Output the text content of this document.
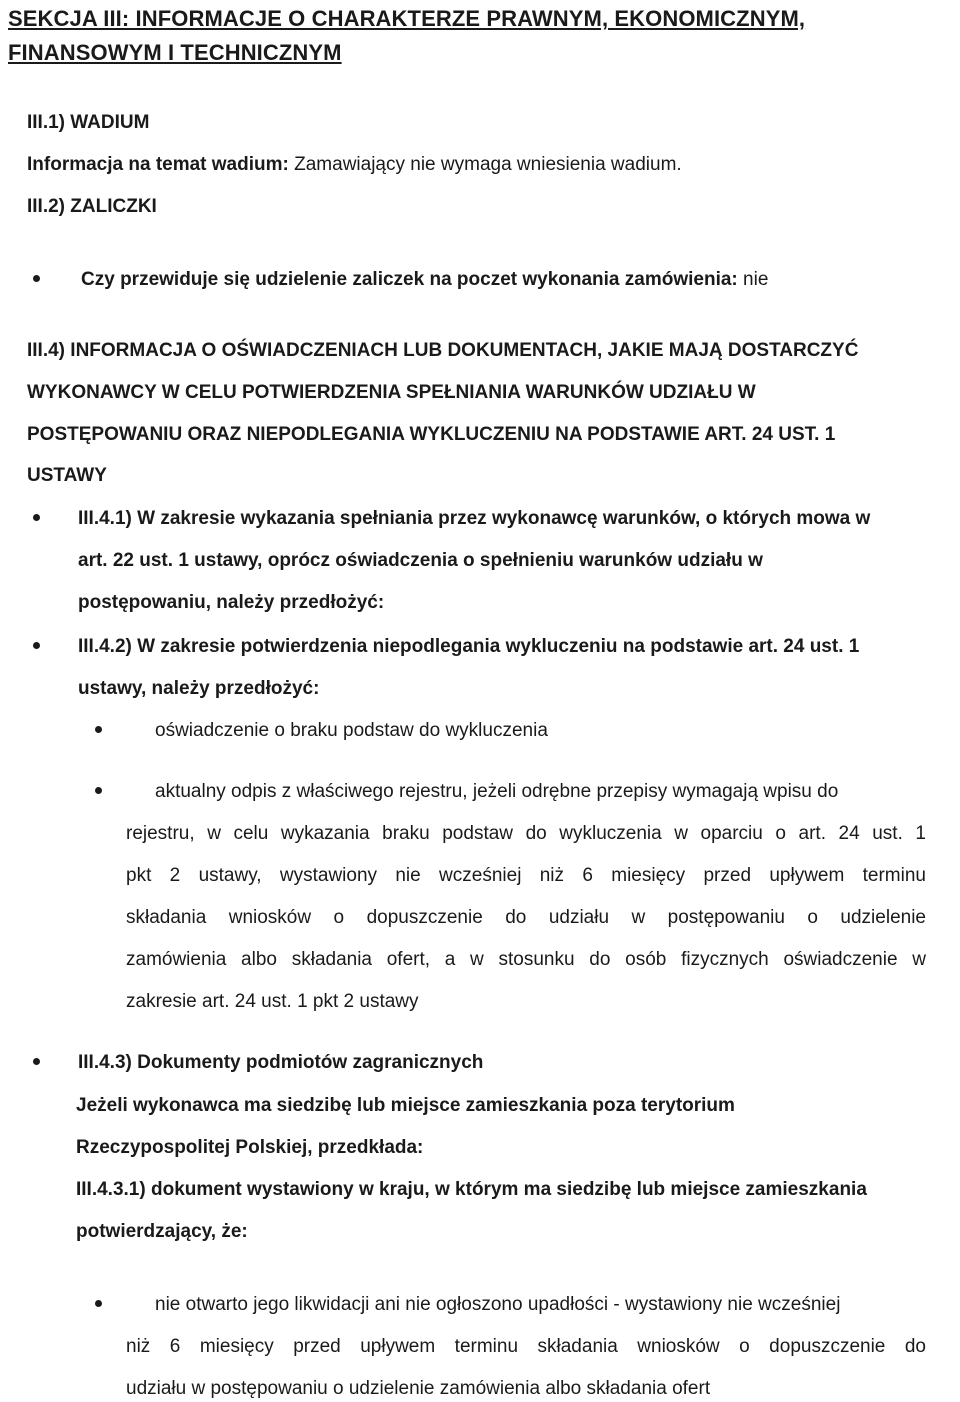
SEKCJA III: INFORMACJE O CHARAKTERZE PRAWNYM, EKONOMICZNYM,
FINANSOWYM I TECHNICZNYM
III.1) WADIUM
Informacja na temat wadium: Zamawiający nie wymaga wniesienia wadium.
III.2) ZALICZKI
Czy przewiduje się udzielenie zaliczek na poczet wykonania zamówienia: nie
III.4) INFORMACJA O OŚWIADCZENIACH LUB DOKUMENTACH, JAKIE MAJĄ DOSTARCZYĆ
WYKONAWCY W CELU POTWIERDZENIA SPEŁNIANIA WARUNKÓW UDZIAŁU W
POSTĘPOWANIU ORAZ NIEPODLEGANIA WYKLUCZENIU NA PODSTAWIE ART. 24 UST. 1
USTAWY
III.4.1) W zakresie wykazania spełniania przez wykonawcę warunków, o których mowa w
art. 22 ust. 1 ustawy, oprócz oświadczenia o spełnieniu warunków udziału w
postępowaniu, należy przedłożyć:
III.4.2) W zakresie potwierdzenia niepodlegania wykluczeniu na podstawie art. 24 ust. 1
ustawy, należy przedłożyć:
oświadczenie o braku podstaw do wykluczenia
aktualny odpis z właściwego rejestru, jeżeli odrębne przepisy wymagają wpisu do
rejestru, w celu wykazania braku podstaw do wykluczenia w oparciu o art. 24 ust. 1
pkt 2 ustawy, wystawiony nie wcześniej niż 6 miesięcy przed upływem terminu
składania wniosków o dopuszczenie do udziału w postępowaniu o udzielenie
zamówienia albo składania ofert, a w stosunku do osób fizycznych oświadczenie w
zakresie art. 24 ust. 1 pkt 2 ustawy
III.4.3) Dokumenty podmiotów zagranicznych
Jeżeli wykonawca ma siedzibę lub miejsce zamieszkania poza terytorium
Rzeczypospolitej Polskiej, przedkłada:
III.4.3.1) dokument wystawiony w kraju, w którym ma siedzibę lub miejsce zamieszkania
potwierdzający, że:
nie otwarto jego likwidacji ani nie ogłoszono upadłości - wystawiony nie wcześniej
niż 6 miesięcy przed upływem terminu składania wniosków o dopuszczenie do
udziału w postępowaniu o udzielenie zamówienia albo składania ofert
